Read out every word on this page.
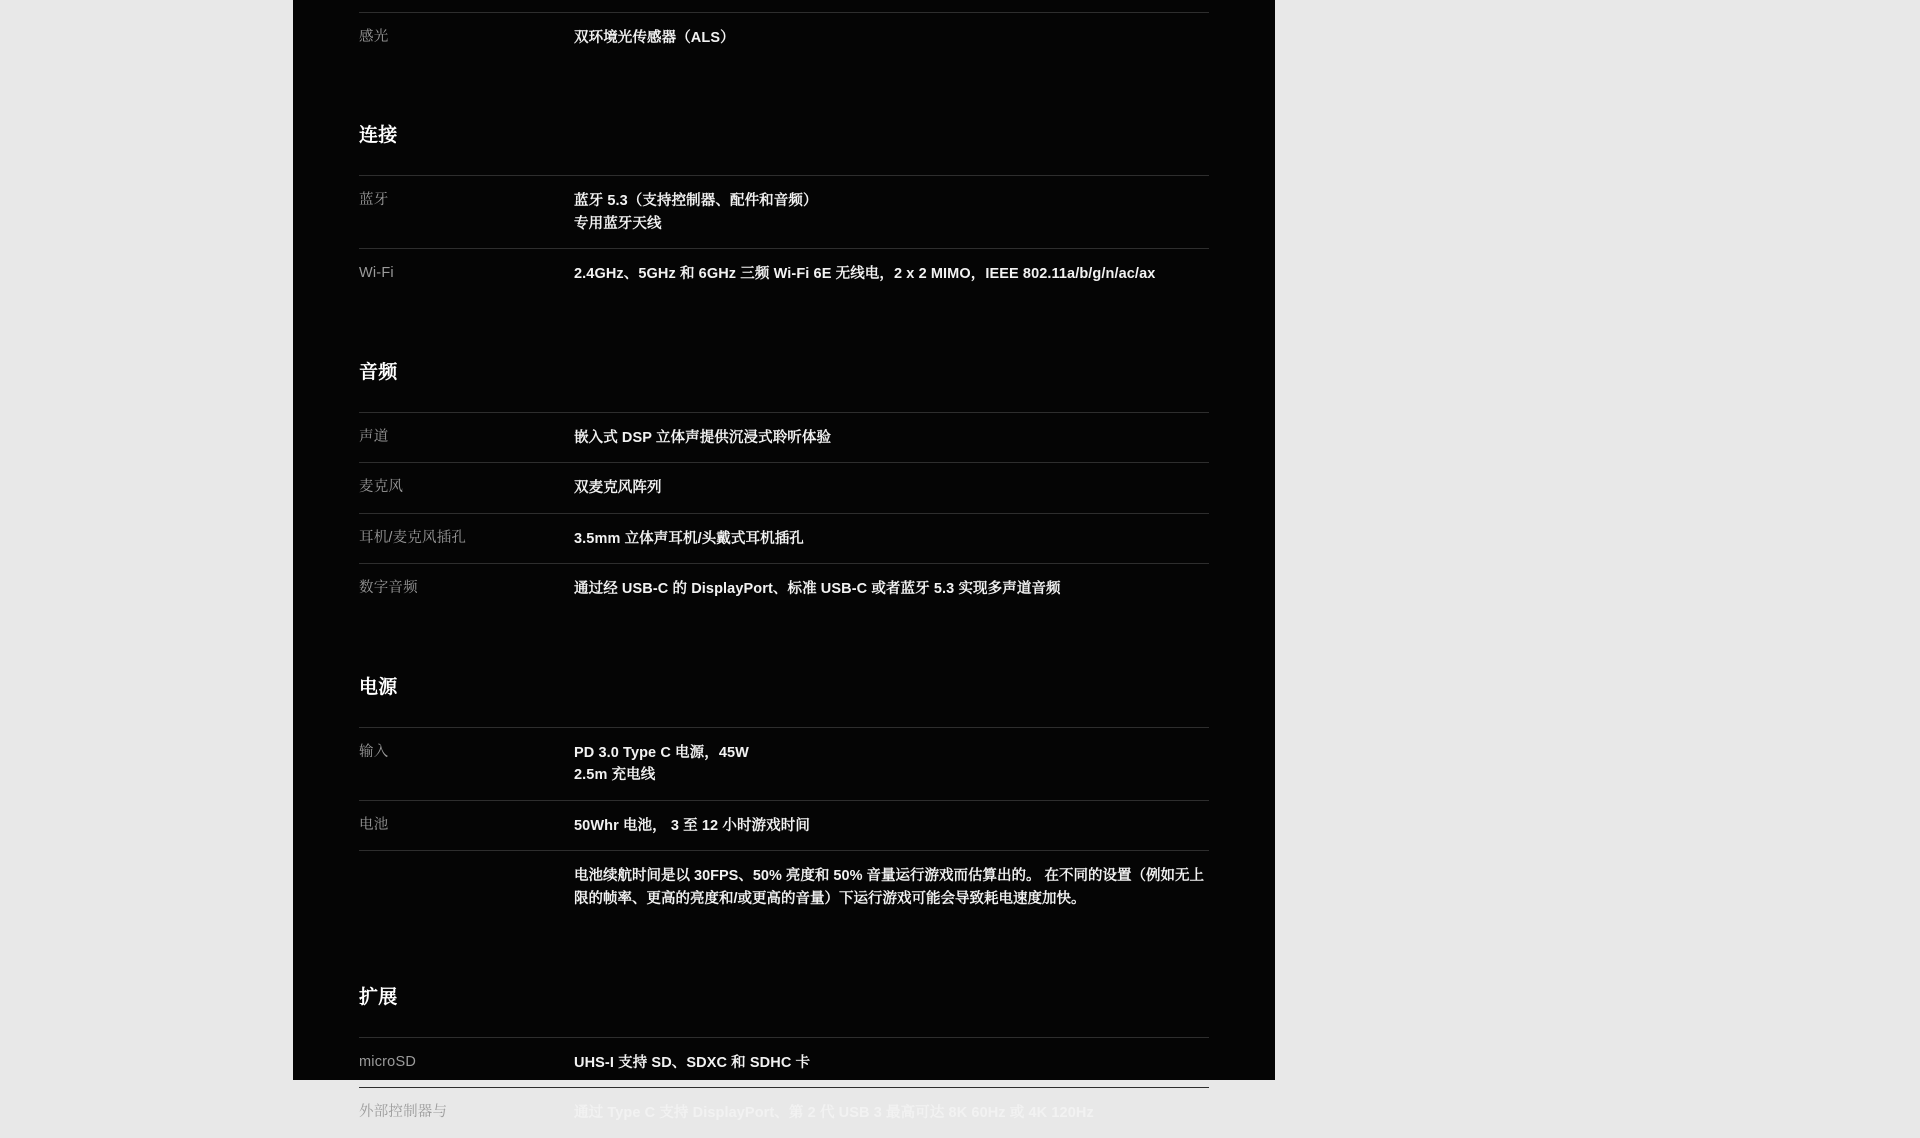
感光	双环境光传感器（ALS）
连接
蓝牙	蓝牙 5.3（支持控制器、配件和音频）
专用蓝牙天线

Wi-Fi	2.4GHz、5GHz 和 6GHz 三频 Wi-Fi 6E 无线电，2 x 2 MIMO，IEEE 802.11a/b/g/n/ac/ax
音频
声道	嵌入式 DSP 立体声提供沉浸式聆听体验

麦克风	双麦克风阵列

耳机/麦克风插孔	3.5mm 立体声耳机/头戴式耳机插孔

数字音频	通过经 USB-C 的 DisplayPort、标准 USB-C 或者蓝牙 5.3 实现多声道音频
电源
输入	PD 3.0 Type C 电源，45W
2.5m 充电线

电池	50Whr 电池， 3 至 12 小时游戏时间

	电池续航时间是以 30FPS、50% 亮度和 50% 音量运行游戏而估算出的。 在不同的设置（例如无上限的帧率、更高的亮度和/或更高的音量）下运行游戏可能会导致耗电速度加快。
扩展
microSD	UHS-I 支持 SD、SDXC 和 SDHC 卡

外部控制器与	通过 Type C 支持 DisplayPort、第 2 代 USB 3 最高可达 8K 60Hz 或 4K 120Hz
